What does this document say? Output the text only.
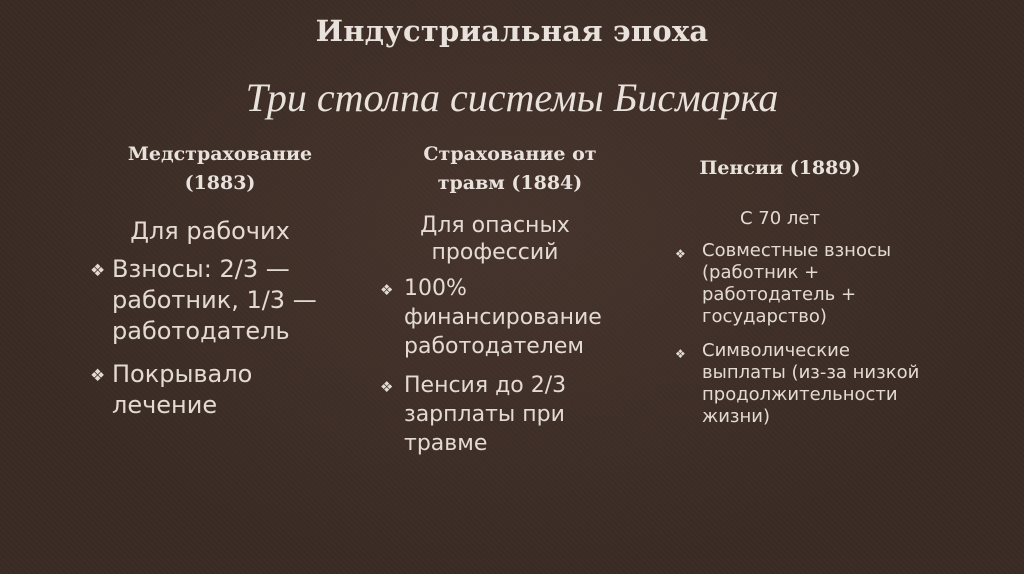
Индустриальная эпоха
Три столпа системы Бисмарка
Медстрахование (1883)
Для рабочих
❖ Взносы: 2/3 — работник, 1/3 — работодатель
❖ Покрывало лечение
Страхование от травм (1884)
Для опасных профессий
❖ 100% финансирование работодателем
❖ Пенсия до 2/3 зарплаты при травме
Пенсии (1889)
С 70 лет
❖ Совместные взносы (работник + работодатель + государство)
❖ Символические выплаты (из-за низкой продолжительности жизни)
